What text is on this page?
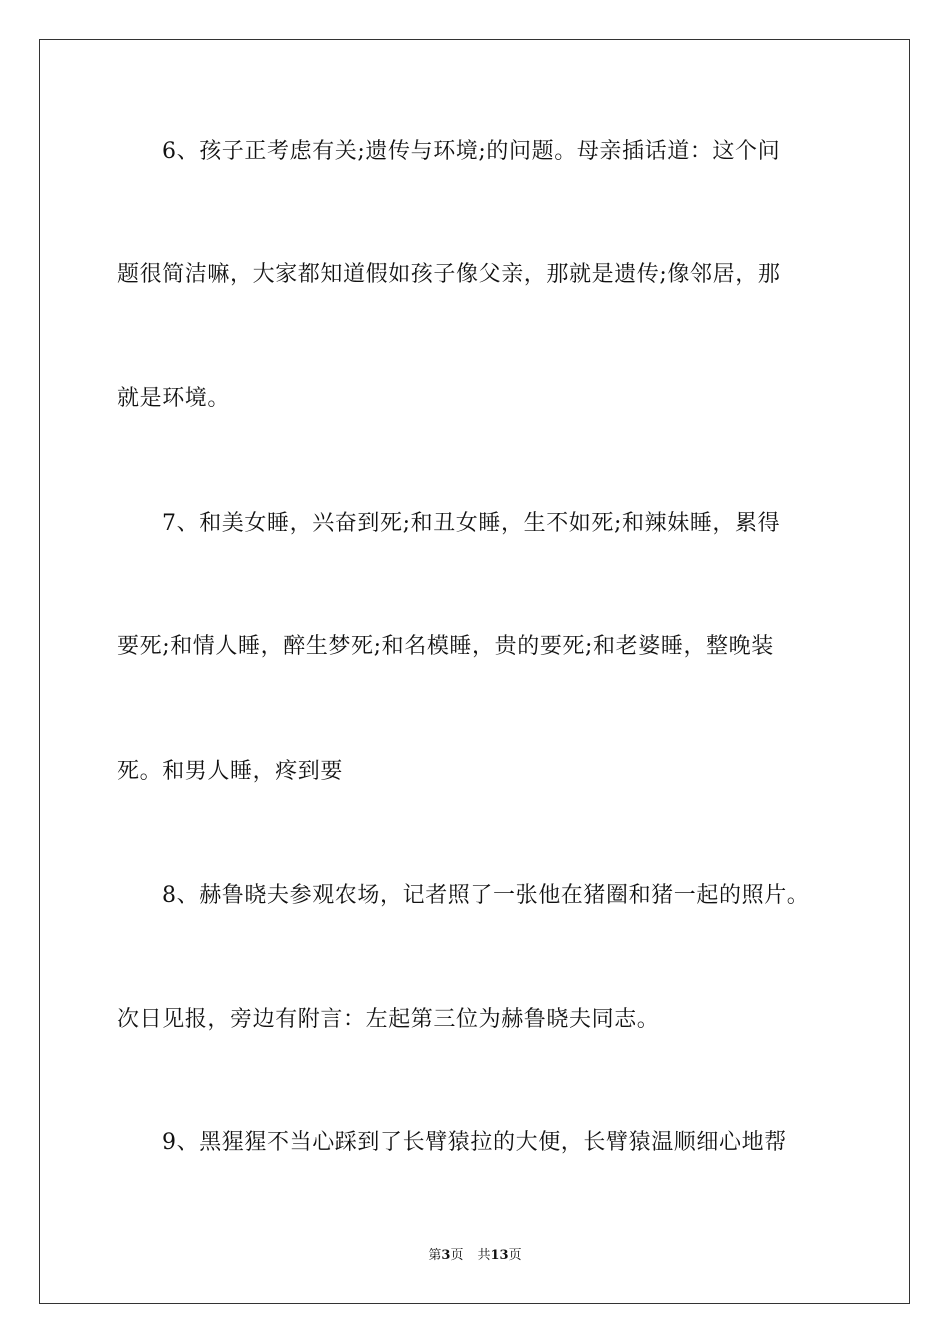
6、孩子正考虑有关;遗传与环境;的问题。母亲插话道：这个问
题很简洁嘛，大家都知道假如孩子像父亲，那就是遗传;像邻居，那
就是环境。
7、和美女睡，兴奋到死;和丑女睡，生不如死;和辣妹睡，累得
要死;和情人睡，醉生梦死;和名模睡，贵的要死;和老婆睡，整晚装
死。和男人睡，疼到要
8、赫鲁晓夫参观农场，记者照了一张他在猪圈和猪一起的照片。
次日见报，旁边有附言：左起第三位为赫鲁晓夫同志。
9、黑猩猩不当心踩到了长臂猿拉的大便，长臂猿温顺细心地帮
第3页 共13页
